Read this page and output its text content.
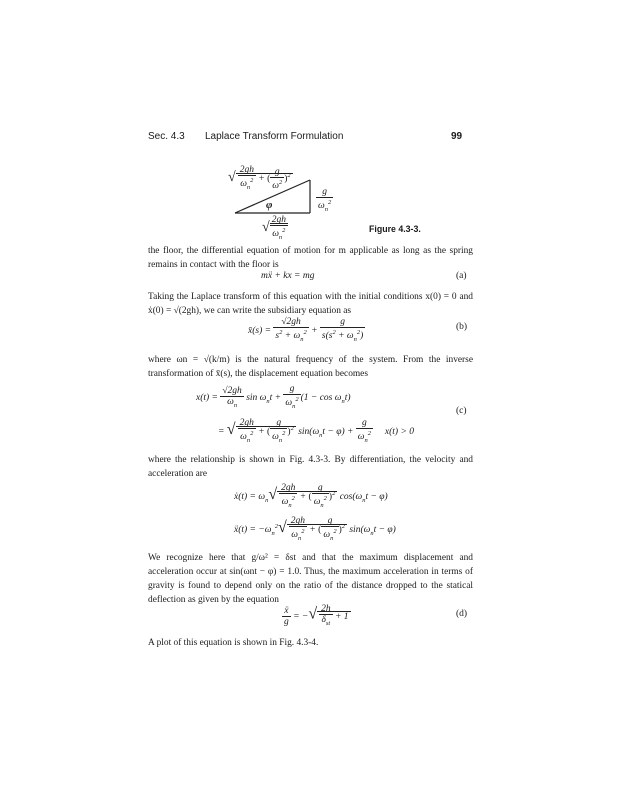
Sec. 4.3 Laplace Transform Formulation	99
√ $\frac{2gh}{\omega_n^2}$ + ( $\frac{g}{\omega^2} )^2$
$\frac{g}{\omega_n^2}$
φ
√ $\frac{2gh}{\omega_n^2}$	Figure 4.3-3.
the floor, the differential equation of motion for m applicable as long as the spring remains in contact with the floor is
mẍ + kx = mg	(a)
Taking the Laplace transform of this equation with the initial conditions x(0) = 0 and ẋ(0) = √(2gh), we can write the subsidiary equation as
x̄(s) = $\frac{√2gh}{s^2 + \omega_n^2} + \frac{g}{s(s^2 + \omega_n^2)}$	(b)
where ωn = √(k/m) is the natural frequency of the system. From the inverse transformation of x̄(s), the displacement equation becomes
$x(t) = \frac{√2gh}{\omega_n}$ $\sin \omega_nt + \frac{g}{\omega_n^2} (1 - \cos \omega_nt)$
= √ $\frac{2gh}{\omega_n^2}$ + ( $\frac{g}{\omega_n^2} )^2$ $\sin(\omega_nt - \varphi) + \frac{g}{\omega_n^2} x(t) > 0$
(c)
where the relationship is shown in Fig. 4.3-3. By differentiation, the velocity and acceleration are
ẋ(t) = $\omega_n√ \frac{2gh}{\omega_n^2}$ + ( $\frac{g}{\omega_n^2} )^2$ $\cos(\omega_nt - \varphi)$
ẍ(t) = $-\omega_n^2√ \frac{2gh}{\omega_n^2}$ + ( $\frac{g}{\omega_n^2} )^2$ $\sin(\omega_nt - \varphi)$
We recognize here that g/ω² = δst and that the maximum displacement and acceleration occur at sin(ωnt − φ) = 1.0. Thus, the maximum acceleration in terms of gravity is found to depend only on the ratio of the distance dropped to the statical deflection as given by the equation
$\frac{\text{ẍ}}{g}$ = −√ $\frac{2h}{\delta_{st}} + 1$	(d)
A plot of this equation is shown in Fig. 4.3-4.
